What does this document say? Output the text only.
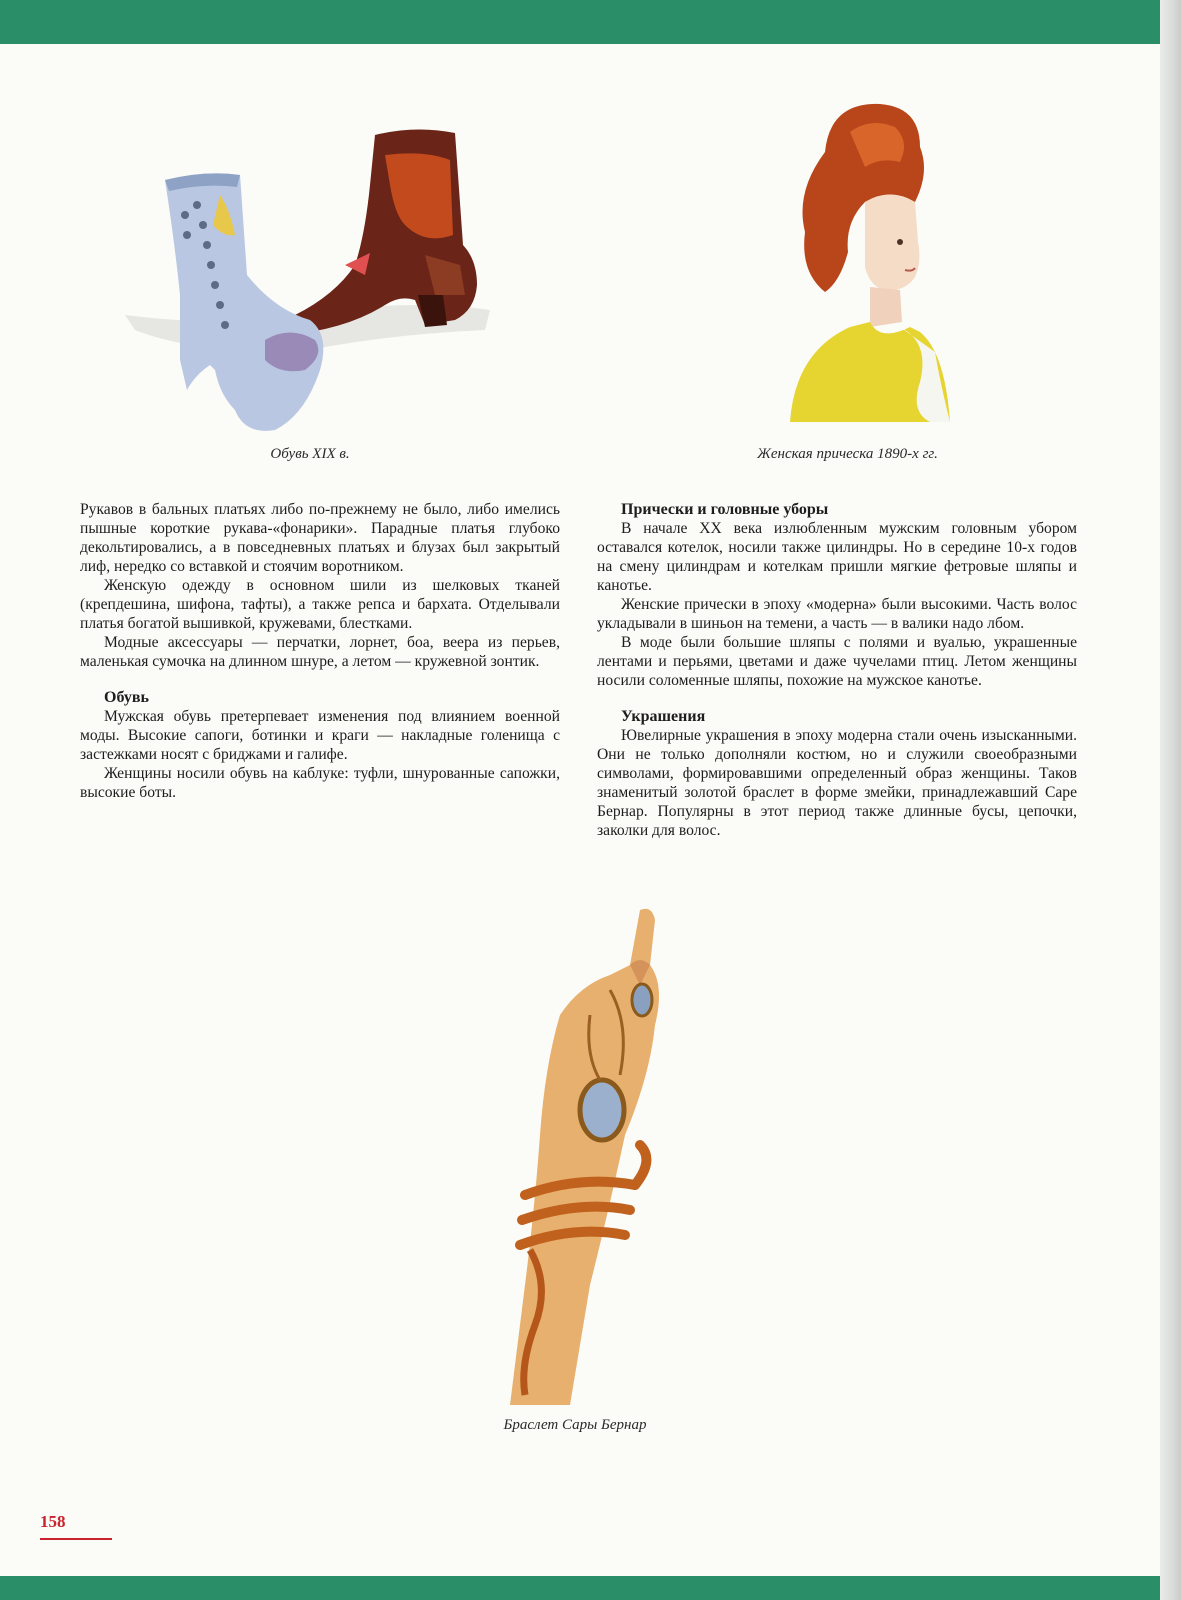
Обувь XIX в.	Женская прическа 1890-х гг.

Рукавов в бальных платьях либо по-прежнему не было, либо имелись пышные короткие рукава-«фонарики». Парадные платья глубоко декольтировались, а в повседневных платьях и блузах был закрытый лиф, нередко со вставкой и стоячим воротником.

Женскую одежду в основном шили из шелковых тканей (крепдешина, шифона, тафты), а также репса и бархата. Отделывали платья богатой вышивкой, кружевами, блестками.

Модные аксессуары — перчатки, лорнет, боа, веера из перьев, маленькая сумочка на длинном шнуре, а летом — кружевной зонтик.

Обувь

Мужская обувь претерпевает изменения под влиянием военной моды. Высокие сапоги, ботинки и краги — накладные голенища с застежками носят с бриджами и галифе.

Женщины носили обувь на каблуке: туфли, шнурованные сапожки, высокие боты.

Прически и головные уборы

В начале XX века излюбленным мужским головным убором оставался котелок, носили также цилиндры. Но в середине 10-х годов на смену цилиндрам и котелкам пришли мягкие фетровые шляпы и канотье.

Женские прически в эпоху «модерна» были высокими. Часть волос укладывали в шиньон на темени, а часть — в валики надо лбом.

В моде были большие шляпы с полями и вуалью, украшенные лентами и перьями, цветами и даже чучелами птиц. Летом женщины носили соломенные шляпы, похожие на мужское канотье.

Украшения

Ювелирные украшения в эпоху модерна стали очень изысканными. Они не только дополняли костюм, но и служили своеобразными символами, формировавшими определенный образ женщины. Таков знаменитый золотой браслет в форме змейки, принадлежавший Саре Бернар. Популярны в этот период также длинные бусы, цепочки, заколки для волос.

Браслет Сары Бернар
158
